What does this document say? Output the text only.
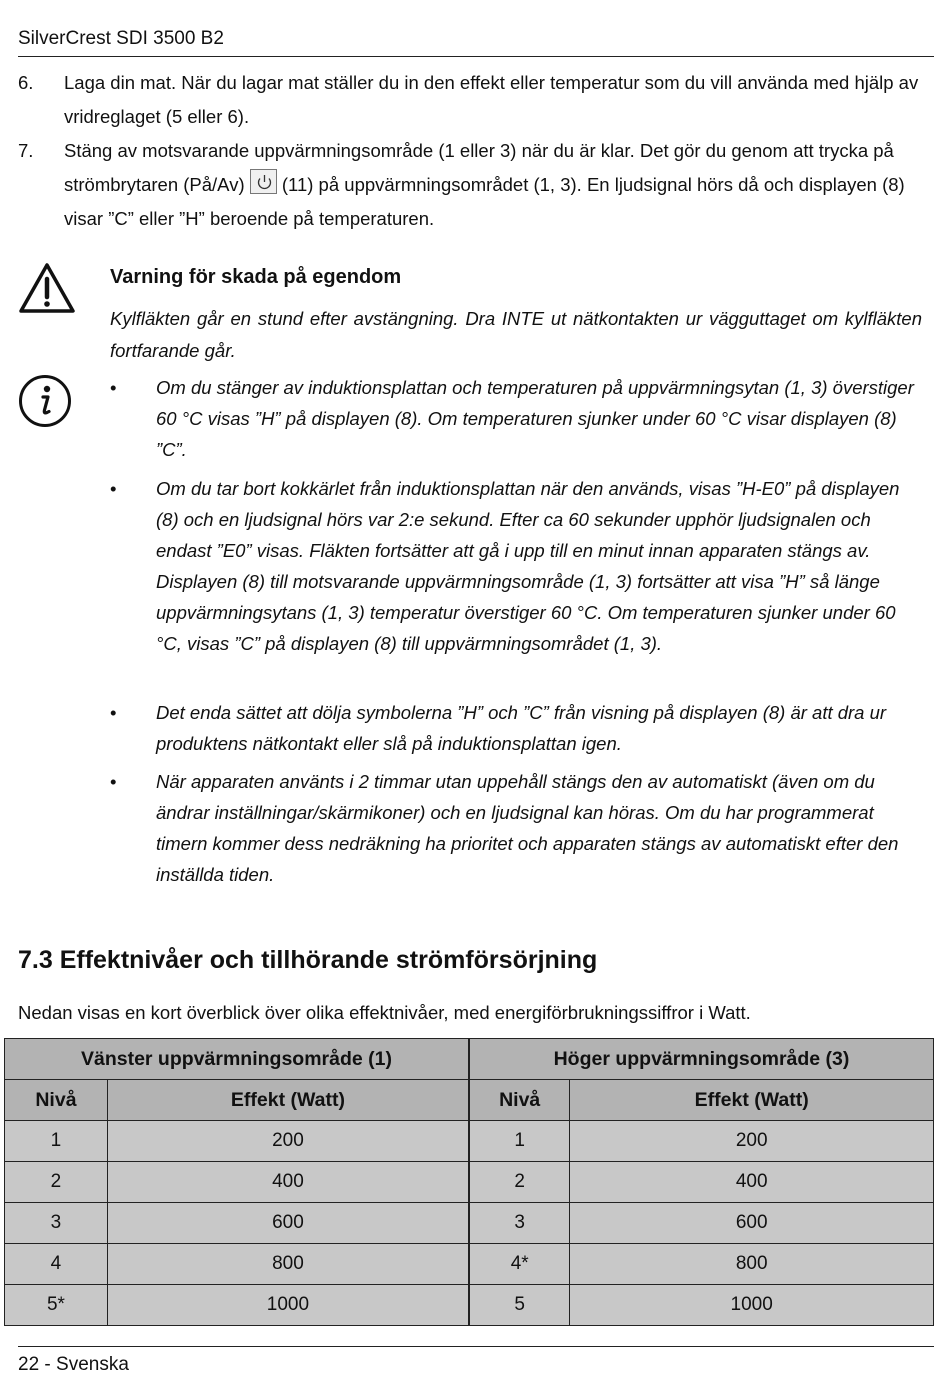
SilverCrest SDI 3500 B2
6. Laga din mat. När du lagar mat ställer du in den effekt eller temperatur som du vill använda med hjälp av vridreglaget (5 eller 6).
7. Stäng av motsvarande uppvärmningsområde (1 eller 3) när du är klar. Det gör du genom att trycka på strömbrytaren (På/Av) (11) på uppvärmningsområdet (1, 3). En ljudsignal hörs då och displayen (8) visar ”C” eller ”H” beroende på temperaturen.
Varning för skada på egendom
Kylfläkten går en stund efter avstängning. Dra INTE ut nätkontakten ur vägguttaget om kylfläkten fortfarande går.
• Om du stänger av induktionsplattan och temperaturen på uppvärmningsytan (1, 3) överstiger 60 °C visas ”H” på displayen (8). Om temperaturen sjunker under 60 °C visar displayen (8) ”C”.
• Om du tar bort kokkärlet från induktionsplattan när den används, visas ”H-E0” på displayen (8) och en ljudsignal hörs var 2:e sekund. Efter ca 60 sekunder upphör ljudsignalen och endast ”E0” visas. Fläkten fortsätter att gå i upp till en minut innan apparaten stängs av. Displayen (8) till motsvarande uppvärmningsområde (1, 3) fortsätter att visa ”H” så länge uppvärmningsytans (1, 3) temperatur överstiger 60 °C. Om temperaturen sjunker under 60 °C, visas ”C” på displayen (8) till uppvärmningsområdet (1, 3).
• Det enda sättet att dölja symbolerna ”H” och ”C” från visning på displayen (8) är att dra ur produktens nätkontakt eller slå på induktionsplattan igen.
• När apparaten använts i 2 timmar utan uppehåll stängs den av automatiskt (även om du ändrar inställningar/skärmikoner) och en ljudsignal kan höras. Om du har programmerat timern kommer dess nedräkning ha prioritet och apparaten stängs av automatiskt efter den inställda tiden.
7.3 Effektnivåer och tillhörande strömförsörjning
Nedan visas en kort överblick över olika effektnivåer, med energiförbrukningssiffror i Watt.
Vänster uppvärmningsområde (1)		Höger uppvärmningsområde (3)	
Nivå	Effekt (Watt)	Nivå	Effekt (Watt)
1	200	1	200
2	400	2	400
3	600	3	600
4	800	4*	800
5*	1000	5	1000
22 - Svenska
